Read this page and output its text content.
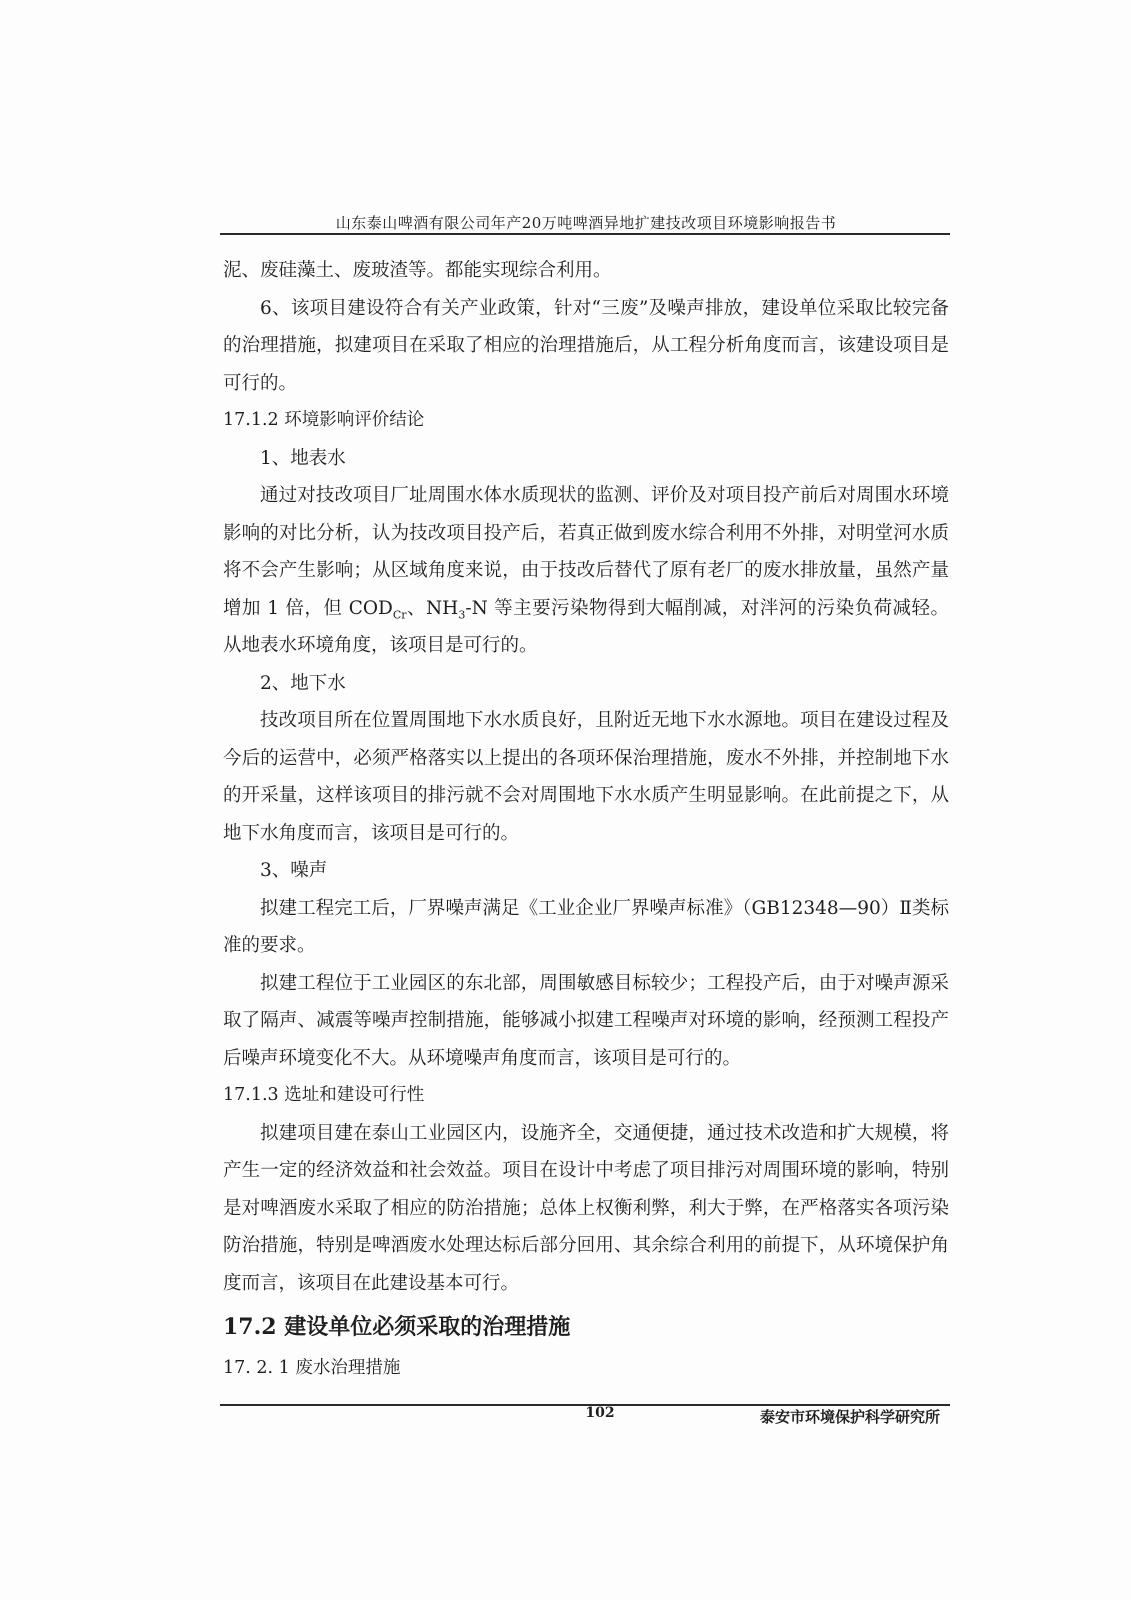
山东泰山啤酒有限公司年产20万吨啤酒异地扩建技改项目环境影响报告书

泥、废硅藻土、废玻渣等。都能实现综合利用。

6、该项目建设符合有关产业政策，针对“三废”及噪声排放，建设单位采取比较完备的治理措施，拟建项目在采取了相应的治理措施后，从工程分析角度而言，该建设项目是可行的。

17.1.2 环境影响评价结论

1、地表水

通过对技改项目厂址周围水体水质现状的监测、评价及对项目投产前后对周围水环境影响的对比分析，认为技改项目投产后，若真正做到废水综合利用不外排，对明堂河水质将不会产生影响；从区域角度来说，由于技改后替代了原有老厂的废水排放量，虽然产量增加 1 倍，但 $COD_{Cr}$、$NH_3-N$ 等主要污染物得到大幅削减，对泮河的污染负荷减轻。从地表水环境角度，该项目是可行的。

2、地下水

技改项目所在位置周围地下水水质良好，且附近无地下水水源地。项目在建设过程及今后的运营中，必须严格落实以上提出的各项环保治理措施，废水不外排，并控制地下水的开采量，这样该项目的排污就不会对周围地下水水质产生明显影响。在此前提之下，从地下水角度而言，该项目是可行的。

3、噪声

拟建工程完工后，厂界噪声满足《工业企业厂界噪声标准》（GB12348—90）Ⅱ类标准的要求。

拟建工程位于工业园区的东北部，周围敏感目标较少；工程投产后，由于对噪声源采取了隔声、减震等噪声控制措施，能够减小拟建工程噪声对环境的影响，经预测工程投产后噪声环境变化不大。从环境噪声角度而言，该项目是可行的。

17.1.3 选址和建设可行性

拟建项目建在泰山工业园区内，设施齐全，交通便捷，通过技术改造和扩大规模，将产生一定的经济效益和社会效益。项目在设计中考虑了项目排污对周围环境的影响，特别是对啤酒废水采取了相应的防治措施；总体上权衡利弊，利大于弊，在严格落实各项污染防治措施，特别是啤酒废水处理达标后部分回用、其余综合利用的前提下，从环境保护角度而言，该项目在此建设基本可行。

17.2 建设单位必须采取的治理措施

17. 2. 1 废水治理措施

102	泰安市环境保护科学研究所
